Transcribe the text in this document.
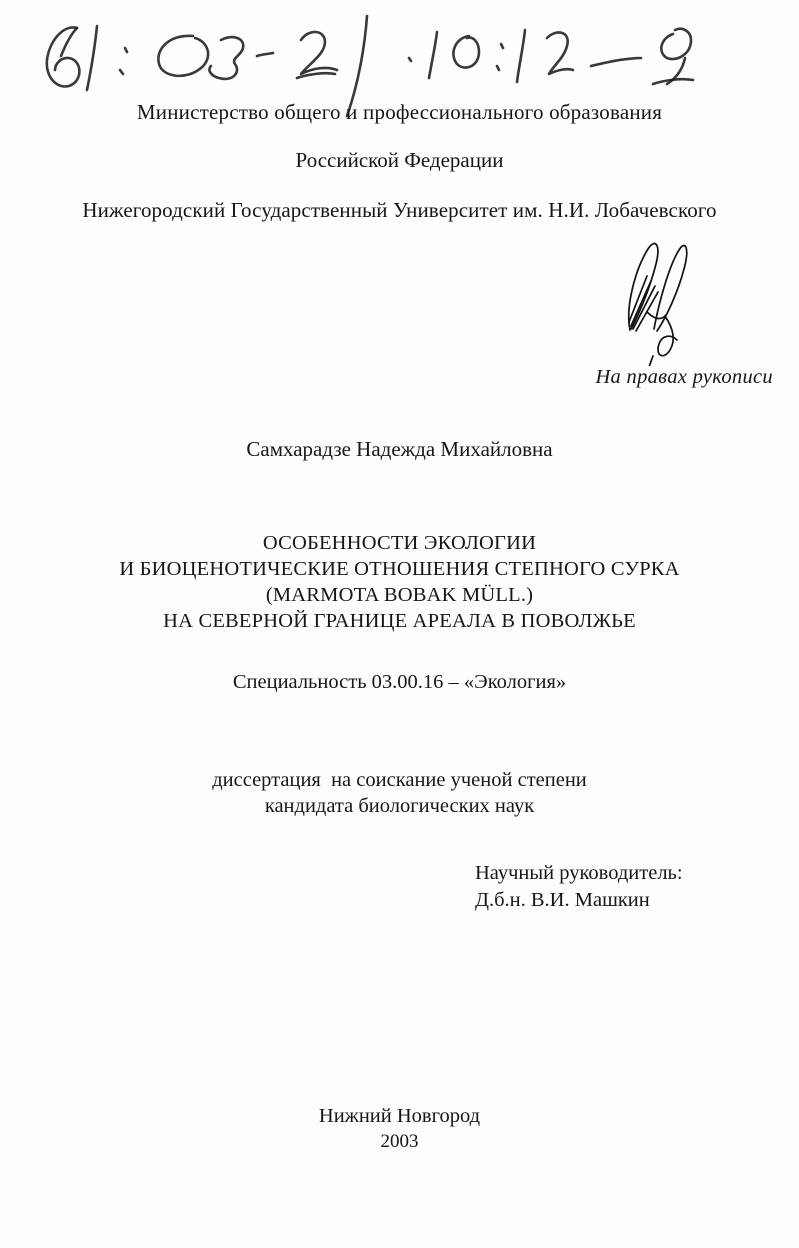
Министерство общего и профессионального образования
Российской Федерации
Нижегородский Государственный Университет им. Н.И. Лобачевского
На правах рукописи
Самхарадзе Надежда Михайловна
ОСОБЕННОСТИ ЭКОЛОГИИ
И БИОЦЕНОТИЧЕСКИЕ ОТНОШЕНИЯ СТЕПНОГО СУРКА
(MARMOTA BOBAK MÜLL.)
НА СЕВЕРНОЙ ГРАНИЦЕ АРЕАЛА В ПОВОЛЖЬЕ
Специальность 03.00.16 – «Экология»
диссертация  на соискание ученой степени
кандидата биологических наук
Научный руководитель:
Д.б.н. В.И. Машкин
Нижний Новгород
2003
